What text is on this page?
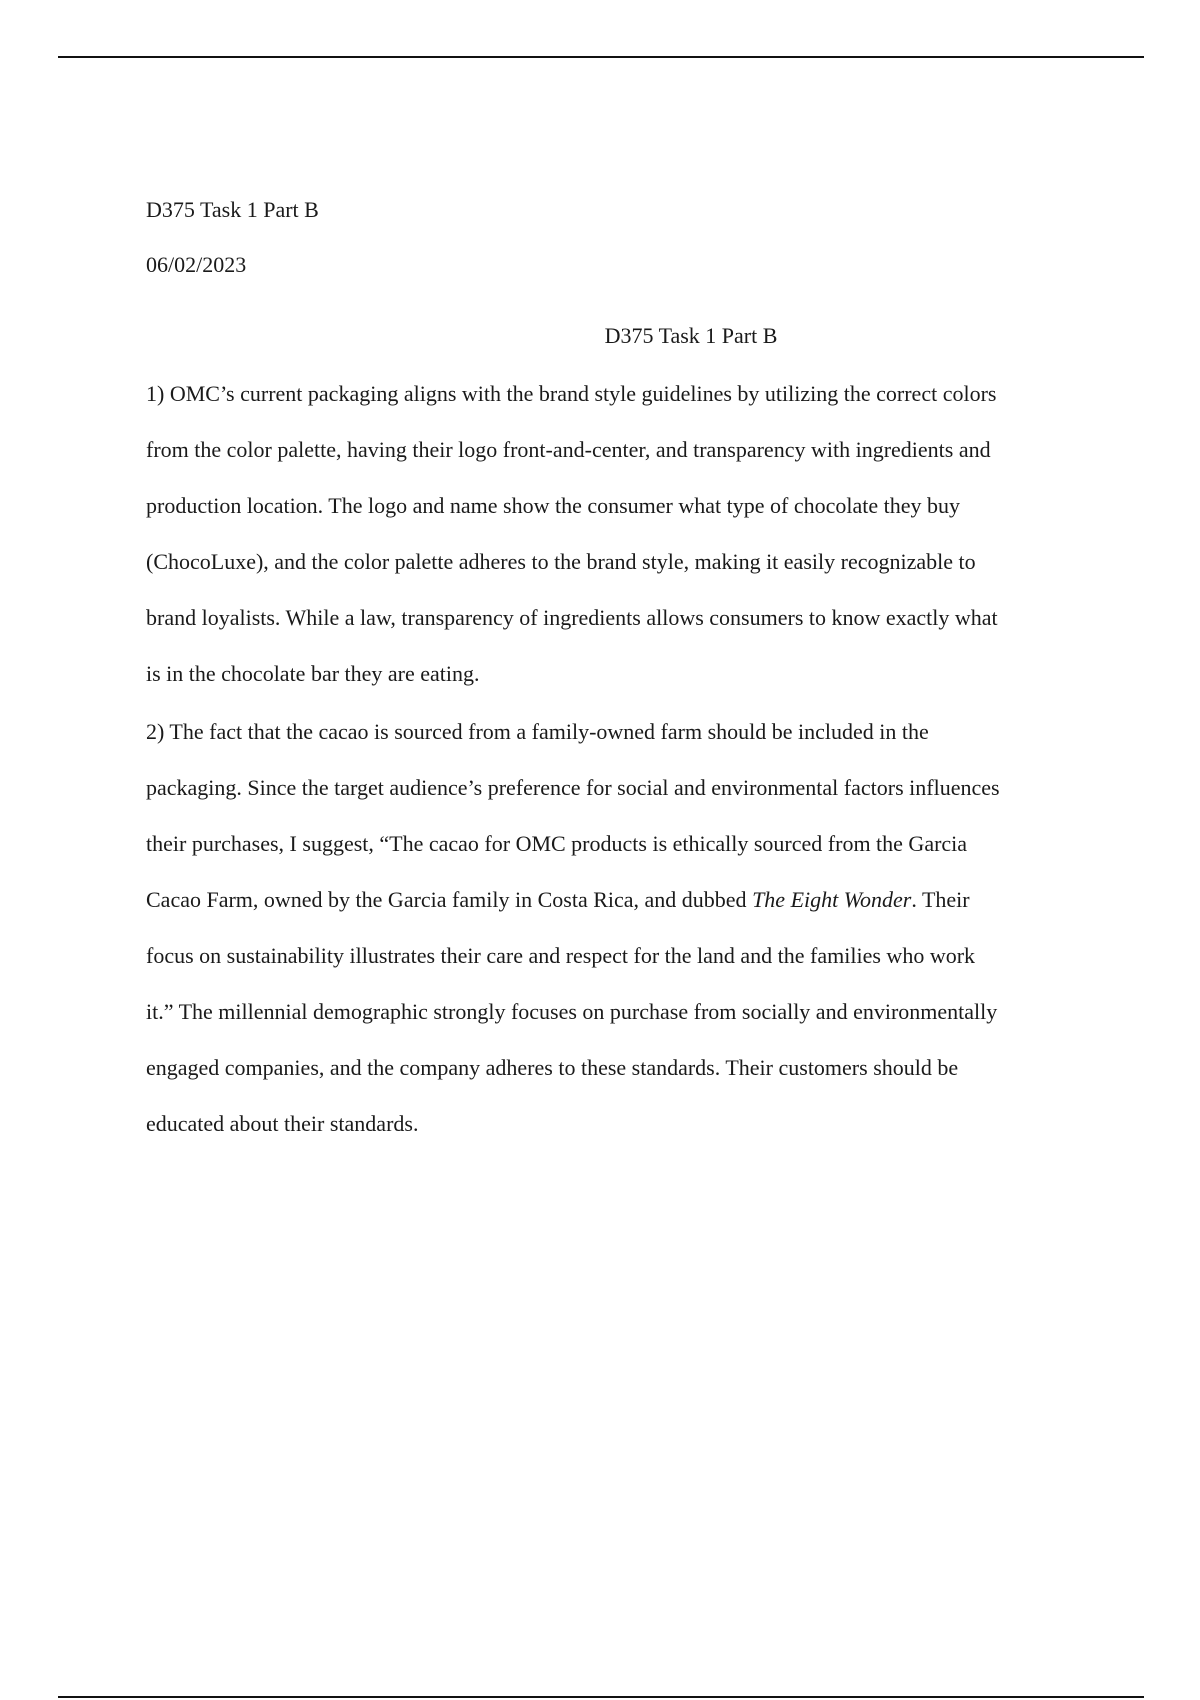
D375 Task 1 Part B

06/02/2023

D375 Task 1 Part B
1) OMC’s current packaging aligns with the brand style guidelines by utilizing the correct colors
from the color palette, having their logo front-and-center, and transparency with ingredients and
production location. The logo and name show the consumer what type of chocolate they buy
(ChocoLuxe), and the color palette adheres to the brand style, making it easily recognizable to
brand loyalists. While a law, transparency of ingredients allows consumers to know exactly what
is in the chocolate bar they are eating.
2) The fact that the cacao is sourced from a family-owned farm should be included in the
packaging. Since the target audience’s preference for social and environmental factors influences
their purchases, I suggest, “The cacao for OMC products is ethically sourced from the Garcia
Cacao Farm, owned by the Garcia family in Costa Rica, and dubbed The Eight Wonder. Their
focus on sustainability illustrates their care and respect for the land and the families who work
it.” The millennial demographic strongly focuses on purchase from socially and environmentally
engaged companies, and the company adheres to these standards. Their customers should be
educated about their standards.
